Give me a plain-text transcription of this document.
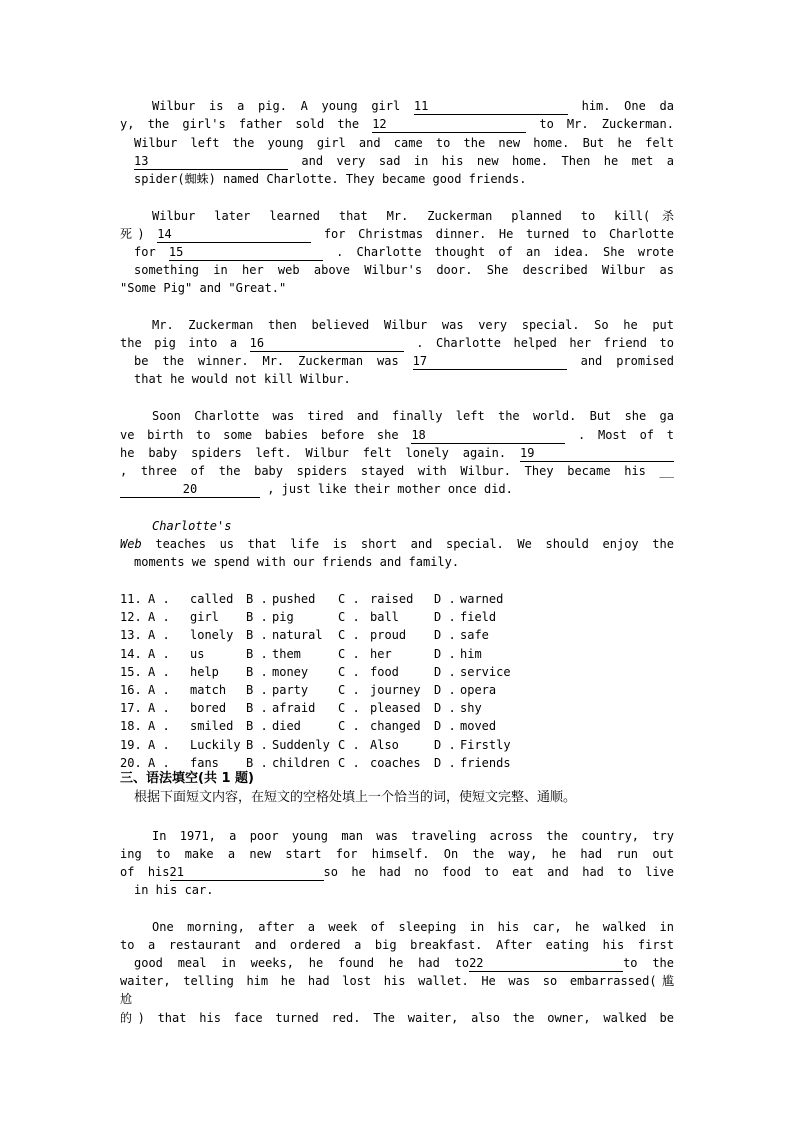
Wilbur is a pig. A young girl 11	him. One da
y, the girl's father sold the 12	to Mr. Zuckerman.
Wilbur left the young girl and came to the new home. But he felt
13	and very sad in his new home. Then he met a
spider(蜘蛛) named Charlotte. They became good friends.
Wilbur later learned that Mr. Zuckerman planned to kill(杀
死) 14	for Christmas dinner. He turned to Charlotte
for 15	. Charlotte thought of an idea. She wrote
something in her web above Wilbur's door. She described Wilbur as
"Some Pig" and "Great."
Mr. Zuckerman then believed Wilbur was very special. So he put
the pig into a 16	. Charlotte helped her friend to
be the winner. Mr. Zuckerman was 17	and promised
that he would not kill Wilbur.
Soon Charlotte was tired and finally left the world. But she ga
ve birth to some babies before she 18	. Most of t
he baby spiders left. Wilbur felt lonely again. 19
, three of the baby spiders stayed with Wilbur. They became his __
20	, just like their mother once did.
Charlotte's
Web teaches us that life is short and special. We should enjoy the
moments we spend with our friends and family.
11. A . called B . pushed C . raised D . warned
12. A . girl B . pig	C . ball	D . field
13. A . lonely B . natural C . proud D . safe
14. A . us	B . them	C . her	D . him
15. A . help B . money C . food	D . service
16. A . match B . party C . journey D . opera
17. A . bored B . afraid C . pleased D . shy
18. A . smiled B . died	C . changed D . moved
19. A . Luckily B . Suddenly C . Also	D . Firstly
20. A . fans B . children C . coaches D . friends
三、语法填空(共 1 题)
根据下面短文内容，在短文的空格处填上一个恰当的词，使短文完整、通顺。
In 1971, a poor young man was traveling across the country, try
ing to make a new start for himself. On the way, he had run out
of his21	so he had no food to eat and had to live
in his car.
One morning, after a week of sleeping in his car, he walked in
to a restaurant and ordered a big breakfast. After eating his first
good meal in weeks, he found he had to22	to the
waiter, telling him he had lost his wallet. He was so embarrassed(尴
尬
的) that his face turned red. The waiter, also the owner, walked be
